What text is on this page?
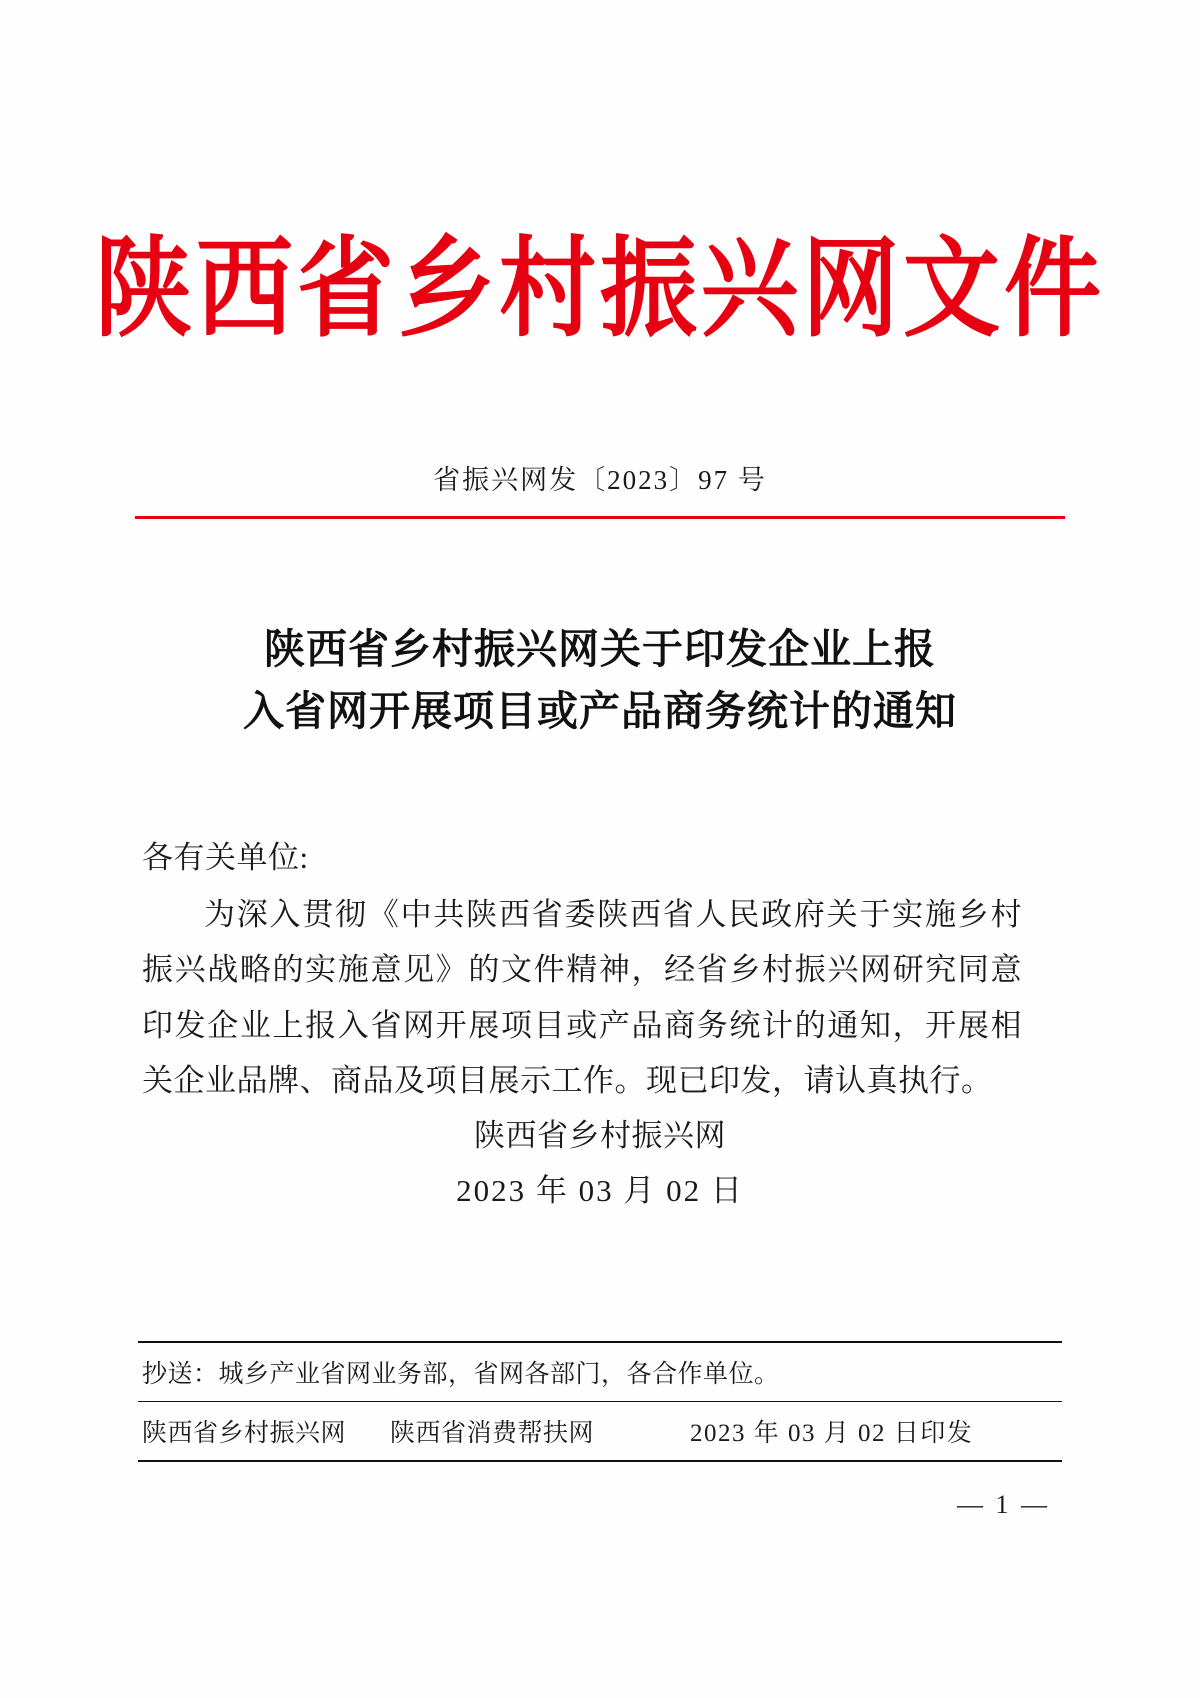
陕西省乡村振兴网文件
省振兴网发〔2023〕97 号
陕西省乡村振兴网关于印发企业上报
入省网开展项目或产品商务统计的通知
各有关单位:
为深入贯彻《中共陕西省委陕西省人民政府关于实施乡村振兴战略的实施意见》的文件精神，经省乡村振兴网研究同意印发企业上报入省网开展项目或产品商务统计的通知，开展相关企业品牌、商品及项目展示工作。现已印发，请认真执行。
陕西省乡村振兴网
2023 年 03 月 02 日
抄送：城乡产业省网业务部，省网各部门，各合作单位。
陕西省乡村振兴网 陕西省消费帮扶网	2023 年 03 月 02 日印发
— 1 —
